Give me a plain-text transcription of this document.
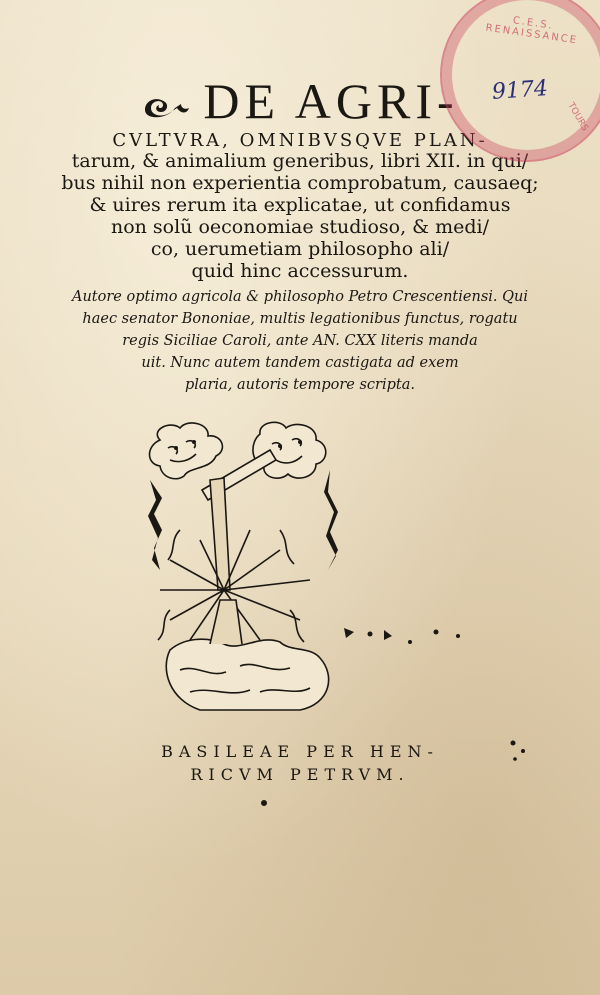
DE AGRI-
CVLTVRA, OMNIBVSQVE PLAN-
tarum, & animalium generibus, libri XII. in qui/
bus nihil non experientia comprobatum, causaeq;
& uires rerum ita explicatae, ut confidamus
non solũ oeconomiae studioso, & medi/
co, uerumetiam philosopho ali/
quid hinc accessurum.
Autore optimo agricola & philosopho Petro Crescentiensi. Qui
haec senator Bononiae, multis legationibus functus, rogatu
regis Siciliae Caroli, ante AN. CXX literis manda
uit. Nunc autem tandem castigata ad exem
plaria, autoris tempore scripta.
BASILEAE PER HEN-
RICVM PETRVM.
C.E.S. RENAISSANCE
9174
TOURS
